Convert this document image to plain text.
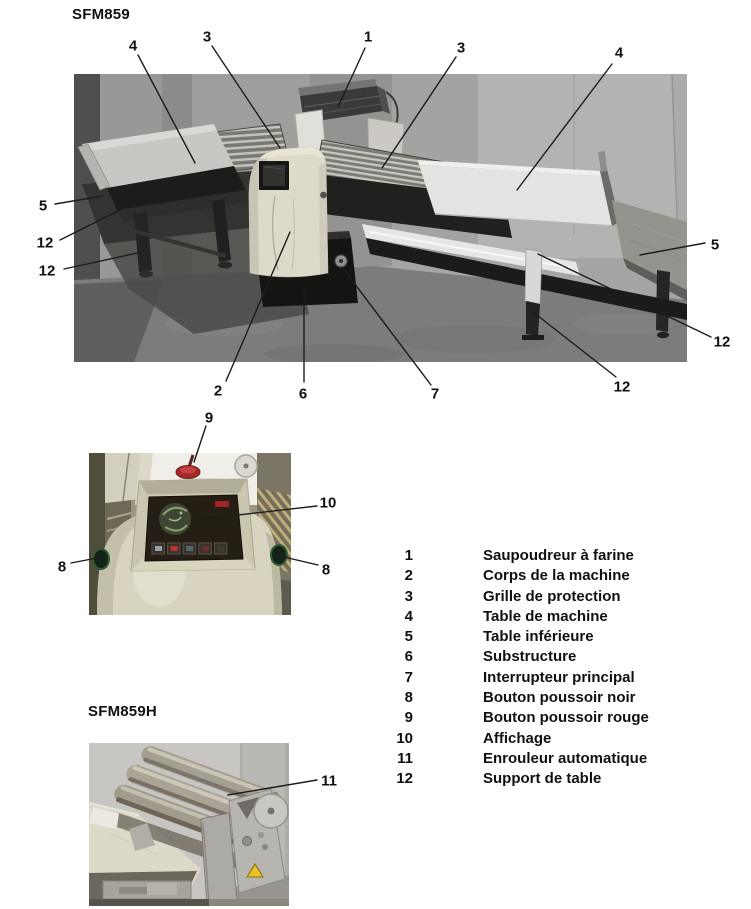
SFM859
SFM859H
4
3	1
3	4
5
12
12
2	6	7	12
12
5
9
10
8	8
11
1	Saupoudreur à farine
2	Corps de la machine
3	Grille de protection
4	Table de machine
5	Table inférieure
6	Substructure
7	Interrupteur principal
8	Bouton poussoir noir
9	Bouton poussoir rouge
10	Affichage
11	Enrouleur automatique
12	Support de table
